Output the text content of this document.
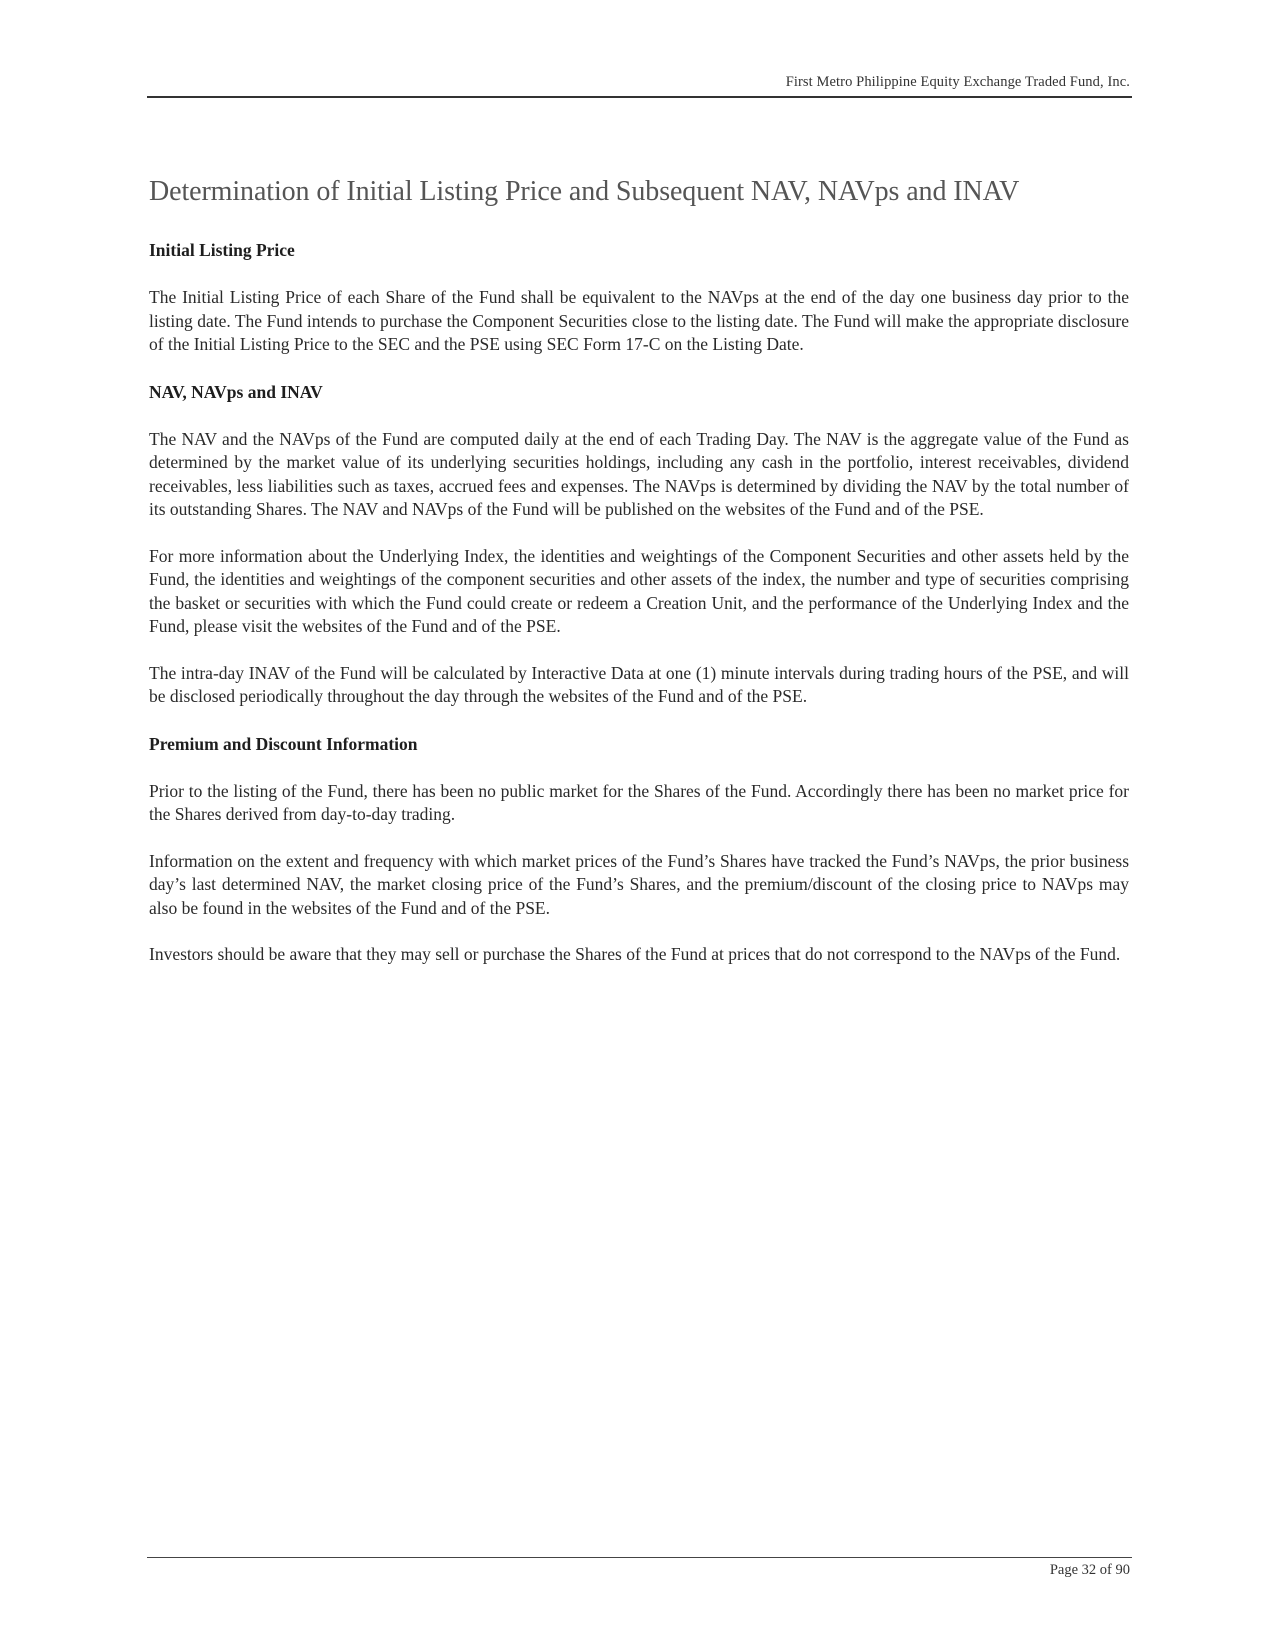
First Metro Philippine Equity Exchange Traded Fund, Inc.
Determination of Initial Listing Price and Subsequent NAV, NAVps and INAV
Initial Listing Price

The Initial Listing Price of each Share of the Fund shall be equivalent to the NAVps at the end of the day one business day prior to the listing date. The Fund intends to purchase the Component Securities close to the listing date. The Fund will make the appropriate disclosure of the Initial Listing Price to the SEC and the PSE using SEC Form 17-C on the Listing Date.

NAV, NAVps and INAV

The NAV and the NAVps of the Fund are computed daily at the end of each Trading Day. The NAV is the aggregate value of the Fund as determined by the market value of its underlying securities holdings, including any cash in the portfolio, interest receivables, dividend receivables, less liabilities such as taxes, accrued fees and expenses. The NAVps is determined by dividing the NAV by the total number of its outstanding Shares. The NAV and NAVps of the Fund will be published on the websites of the Fund and of the PSE.

For more information about the Underlying Index, the identities and weightings of the Component Securities and other assets held by the Fund, the identities and weightings of the component securities and other assets of the index, the number and type of securities comprising the basket or securities with which the Fund could create or redeem a Creation Unit, and the performance of the Underlying Index and the Fund, please visit the websites of the Fund and of the PSE.

The intra-day INAV of the Fund will be calculated by Interactive Data at one (1) minute intervals during trading hours of the PSE, and will be disclosed periodically throughout the day through the websites of the Fund and of the PSE.

Premium and Discount Information

Prior to the listing of the Fund, there has been no public market for the Shares of the Fund. Accordingly there has been no market price for the Shares derived from day-to-day trading.

Information on the extent and frequency with which market prices of the Fund’s Shares have tracked the Fund’s NAVps, the prior business day’s last determined NAV, the market closing price of the Fund’s Shares, and the premium/discount of the closing price to NAVps may also be found in the websites of the Fund and of the PSE.

Investors should be aware that they may sell or purchase the Shares of the Fund at prices that do not correspond to the NAVps of the Fund.

Page 32 of 90
